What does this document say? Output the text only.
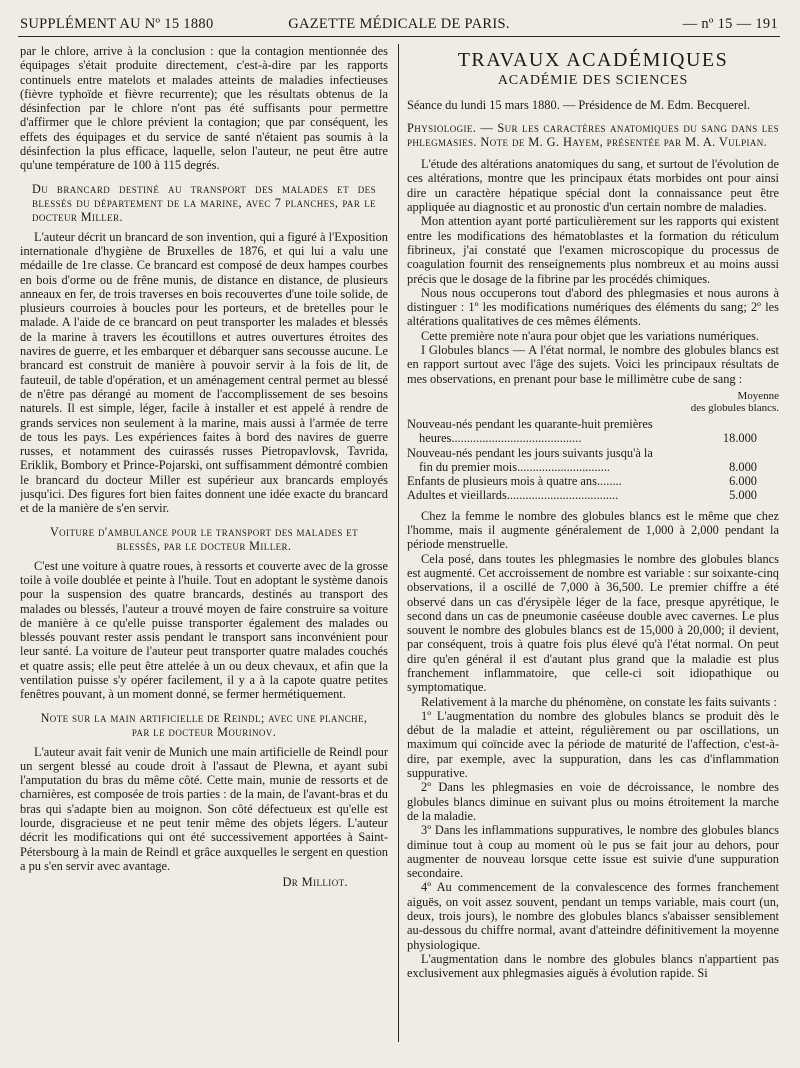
SUPPLÉMENT AU Nº 15 1880	GAZETTE MÉDICALE DE PARIS.	— nº 15 — 191

par le chlore, arrive à la conclusion : que la contagion mentionnée des équipages s'était produite directement, c'est-à-dire par les rapports continuels entre matelots et malades atteints de maladies infectieuses (fièvre typhoïde et fièvre recurrente); que les résultats obtenus de la désinfection par le chlore n'ont pas été suffisants pour permettre d'affirmer que le chlore prévient la contagion; que par conséquent, les effets des équipages et du service de santé n'étaient pas soumis à la désinfection la plus efficace, laquelle, selon l'auteur, ne peut être autre qu'une température de 100 à 115 degrés.

Du brancard destiné au transport des malades et des blessés du département de la marine, avec 7 planches, par le docteur Miller.

L'auteur décrit un brancard de son invention, qui a figuré à l'Exposition internationale d'hygiène de Bruxelles de 1876, et qui lui a valu une médaille de 1re classe. Ce brancard est composé de deux hampes courbes en bois d'orme ou de frêne munis, de distance en distance, de plusieurs anneaux en fer, de trois traverses en bois recouvertes d'une toile solide, de plusieurs courroies à boucles pour les porteurs, et de bretelles pour le malade. A l'aide de ce brancard on peut transporter les malades et blessés de la marine à travers les écoutillons et autres ouvertures étroites des navires de guerre, et les embarquer et débarquer sans secousse aucune. Le brancard est construit de manière à pouvoir servir à la fois de lit, de fauteuil, de table d'opération, et un aménagement central permet au blessé de n'être pas dérangé au moment de l'accomplissement de ses besoins naturels. Il est simple, léger, facile à installer et est appelé à rendre de grands services non seulement à la marine, mais aussi à l'armée de terre de tous les pays. Les expériences faites à bord des navires de guerre russes, et notamment des cuirassés russes Pietropavlovsk, Tavrida, Eriklik, Bombory et Prince-Pojarski, ont suffisamment démontré combien le brancard du docteur Miller est supérieur aux brancards employés jusqu'ici. Des figures fort bien faites donnent une idée exacte du brancard et de la manière de s'en servir.

Voiture d'ambulance pour le transport des malades et blessés, par le docteur Miller.

C'est une voiture à quatre roues, à ressorts et couverte avec de la grosse toile à voile doublée et peinte à l'huile. Tout en adoptant le système danois pour la suspension des quatre brancards, destinés au transport des malades ou blessés, l'auteur a trouvé moyen de faire construire sa voiture de manière à ce qu'elle puisse transporter également des malades ou blessés pouvant rester assis pendant le transport sans inconvénient pour leur santé. La voiture de l'auteur peut transporter quatre malades couchés et quatre assis; elle peut être attelée à un ou deux chevaux, et afin que la ventilation puisse s'y opérer facilement, il y a à la capote quatre petites fenêtres pouvant, à un moment donné, se fermer hermétiquement.

Note sur la main artificielle de Reindl; avec une planche, par le docteur Mourinov.

L'auteur avait fait venir de Munich une main artificielle de Reindl pour un sergent blessé au coude droit à l'assaut de Plewna, et ayant subi l'amputation du bras du même côté. Cette main, munie de ressorts et de charnières, est composée de trois parties : de la main, de l'avant-bras et du bras qui s'adapte bien au moignon. Son côté défectueux est qu'elle est lourde, disgracieuse et ne peut tenir même des objets légers. L'auteur décrit les modifications qui ont été successivement apportées à Saint-Pétersbourg à la main de Reindl et grâce auxquelles le sergent en question a pu s'en servir avec avantage.

Dr Milliot.

TRAVAUX ACADÉMIQUES
ACADÉMIE DES SCIENCES

Séance du lundi 15 mars 1880. — Présidence de M. Edm. Becquerel.

Physiologie. — Sur les caractères anatomiques du sang dans les phlegmasies. Note de M. G. Hayem, présentée par M. A. Vulpian.

L'étude des altérations anatomiques du sang, et surtout de l'évolution de ces altérations, montre que les principaux états morbides ont pour ainsi dire un caractère hépatique spécial dont la connaissance peut être appliquée au diagnostic et au pronostic d'un certain nombre de maladies.

Mon attention ayant porté particulièrement sur les rapports qui existent entre les modifications des hématoblastes et la formation du réticulum fibrineux, j'ai constaté que l'examen microscopique du processus de coagulation fournit des renseignements plus nombreux et au moins aussi précis que le dosage de la fibrine par les procédés chimiques.

Nous nous occuperons tout d'abord des phlegmasies et nous aurons à distinguer : 1º les modifications numériques des éléments du sang; 2º les altérations qualitatives de ces mêmes éléments.

Cette première note n'aura pour objet que les variations numériques.

I Globules blancs — A l'état normal, le nombre des globules blancs est en rapport surtout avec l'âge des sujets. Voici les principaux résultats de mes observations, en prenant pour base le millimètre cube de sang :

Moyenne
des globules blancs.
Nouveau-nés pendant les quarante-huit premières	
heures..........................................	18.000
Nouveau-nés pendant les jours suivants jusqu'à la	
fin du premier mois..............................	8.000
Enfants de plusieurs mois à quatre ans........	6.000
Adultes et vieillards....................................	5.000

Chez la femme le nombre des globules blancs est le même que chez l'homme, mais il augmente généralement de 1,000 à 2,000 pendant la période menstruelle.

Cela posé, dans toutes les phlegmasies le nombre des globules blancs est augmenté. Cet accroissement de nombre est variable : sur soixante-cinq observations, il a oscillé de 7,000 à 36,500. Le premier chiffre a été observé dans un cas d'érysipèle léger de la face, presque apyrétique, le second dans un cas de pneumonie caséeuse double avec cavernes. Le plus souvent le nombre des globules blancs est de 15,000 à 20,000; il devient, par conséquent, trois à quatre fois plus élevé qu'à l'état normal. On peut dire qu'en général il est d'autant plus grand que la maladie est plus franchement inflammatoire, que celle-ci soit idiopathique ou symptomatique.

Relativement à la marche du phénomène, on constate les faits suivants :

1º L'augmentation du nombre des globules blancs se produit dès le début de la maladie et atteint, régulièrement ou par oscillations, un maximum qui coïncide avec la période de maturité de l'affection, c'est-à-dire, par exemple, avec la suppuration, dans les cas d'inflammation suppurative.

2º Dans les phlegmasies en voie de décroissance, le nombre des globules blancs diminue en suivant plus ou moins étroitement la marche de la maladie.

3º Dans les inflammations suppuratives, le nombre des globules blancs diminue tout à coup au moment où le pus se fait jour au dehors, pour augmenter de nouveau lorsque cette issue est suivie d'une suppuration secondaire.

4º Au commencement de la convalescence des formes franchement aiguës, on voit assez souvent, pendant un temps variable, mais court (un, deux, trois jours), le nombre des globules blancs s'abaisser sensiblement au-dessous du chiffre normal, avant d'atteindre définitivement la moyenne physiologique.

L'augmentation dans le nombre des globules blancs n'appartient pas exclusivement aux phlegmasies aiguës à évolution rapide. Si
